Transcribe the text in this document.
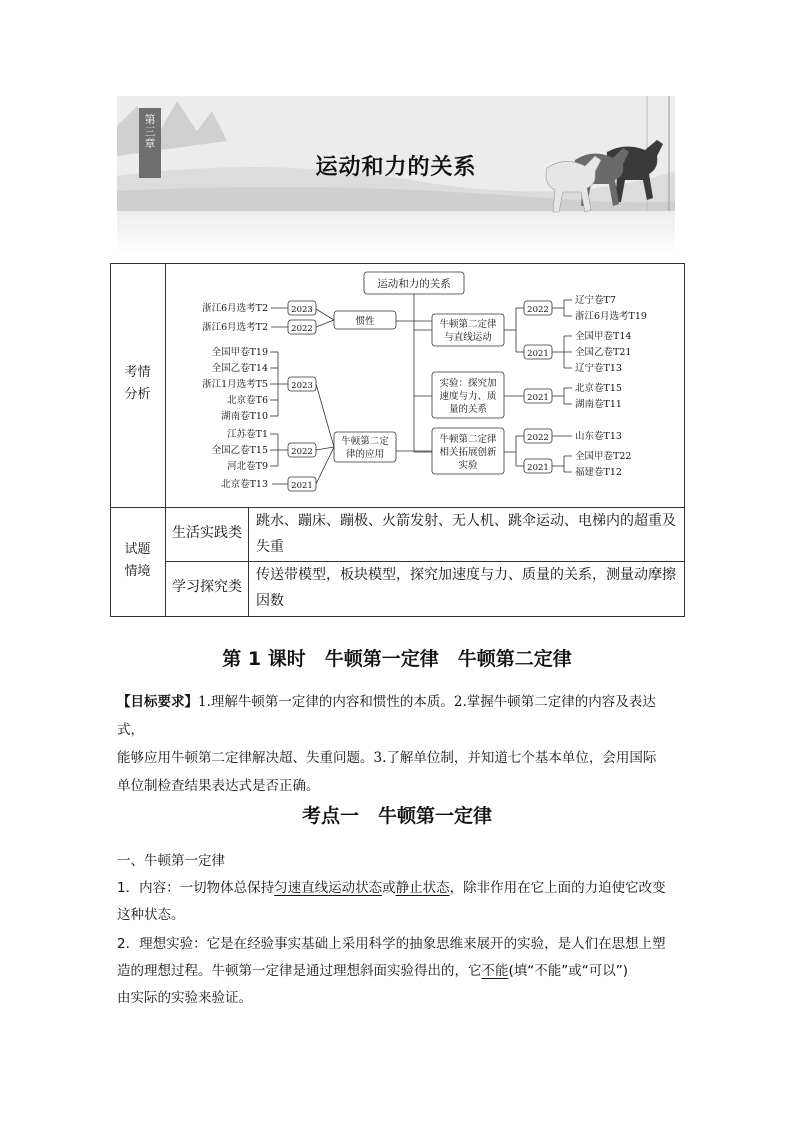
第
三
章
运动和力的关系
考情
分析
试题
情境
生活实践类
跳水、蹦床、蹦极、火箭发射、无人机、跳伞运动、电梯内的超重及
失重
学习探究类
传送带模型，板块模型，探究加速度与力、质量的关系，测量动摩擦
因数
运动和力的关系
惯性
2023
2022
浙江6月选考T2
浙江6月选考T2
牛顿第二定
律的应用
2023
2022
2021
全国甲卷T19
全国乙卷T14
浙江1月选考T5
北京卷T6
湖南卷T10
江苏卷T1
全国乙卷T15
河北卷T9
北京卷T13
牛顿第二定律
与直线运动
2022
2021
辽宁卷T7
浙江6月选考T19
全国甲卷T14
全国乙卷T21
辽宁卷T13
实验：探究加
速度与力、质
量的关系
2021
北京卷T15
湖南卷T11
牛顿第二定律
相关拓展创新
实验
2022
2021
山东卷T13
全国甲卷T22
福建卷T12
第 1 课时　牛顿第一定律　牛顿第二定律
【目标要求】1.理解牛顿第一定律的内容和惯性的本质。2.掌握牛顿第二定律的内容及表达式，
能够应用牛顿第二定律解决超、失重问题。3.了解单位制，并知道七个基本单位，会用国际
单位制检查结果表达式是否正确。
考点一　牛顿第一定律
一、牛顿第一定律
1．内容：一切物体总保持匀速直线运动状态或静止状态，除非作用在它上面的力迫使它改变
这种状态。
2．理想实验：它是在经验事实基础上采用科学的抽象思维来展开的实验，是人们在思想上塑
造的理想过程。牛顿第一定律是通过理想斜面实验得出的，它不能(填“不能”或“可以”)
由实际的实验来验证。
